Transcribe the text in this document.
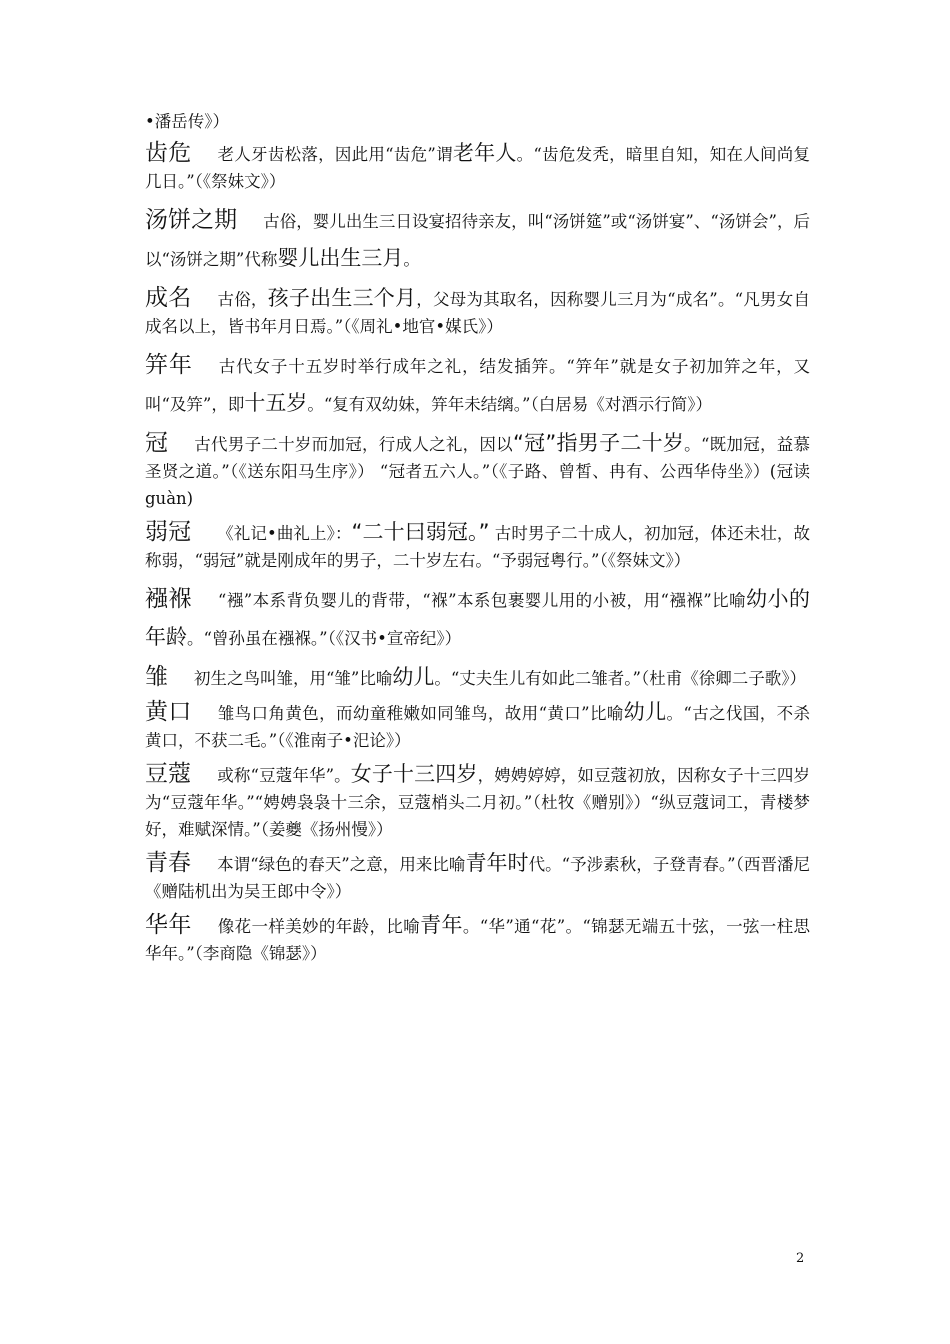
•潘岳传》）
齿危 老人牙齿松落，因此用“齿危”谓老年人。“齿危发秃，暗里自知，知在人间尚复几日。”（《祭妹文》）
汤饼之期 古俗，婴儿出生三日设宴招待亲友，叫“汤饼筵”或“汤饼宴”、“汤饼会”，后以“汤饼之期”代称婴儿出生三月。
成名 古俗，孩子出生三个月，父母为其取名，因称婴儿三月为“成名”。“凡男女自成名以上，皆书年月日焉。”（《周礼•地官•媒氏》）
笄年 古代女子十五岁时举行成年之礼，结发插笄。“笄年”就是女子初加笄之年，又叫“及笄”，即十五岁。“复有双幼妹，笄年未结缡。”（白居易《对酒示行简》）
冠 古代男子二十岁而加冠，行成人之礼，因以“冠”指男子二十岁。“既加冠，益慕圣贤之道。”（《送东阳马生序》） “冠者五六人。”（《子路、曾皙、冉有、公西华侍坐》）(冠读 guàn)
弱冠 《礼记•曲礼上》：“二十曰弱冠。” 古时男子二十成人，初加冠，体还未壮，故称弱，“弱冠”就是刚成年的男子，二十岁左右。“予弱冠粤行。”（《祭妹文》）
襁褓 “襁”本系背负婴儿的背带，“褓”本系包裹婴儿用的小被，用“襁褓”比喻幼小的年龄。“曾孙虽在襁褓。”（《汉书•宣帝纪》）
雏 初生之鸟叫雏，用“雏”比喻幼儿。“丈夫生儿有如此二雏者。”（杜甫《徐卿二子歌》）
黄口 雏鸟口角黄色，而幼童稚嫩如同雏鸟，故用“黄口”比喻幼儿。“古之伐国，不杀黄口，不获二毛。”（《淮南子•汜论》）
豆蔻 或称“豆蔻年华”。女子十三四岁，娉娉婷婷，如豆蔻初放，因称女子十三四岁为“豆蔻年华。”“娉娉袅袅十三余，豆蔻梢头二月初。”（杜牧《赠别》）“纵豆蔻词工，青楼梦好，难赋深情。”（姜夔《扬州慢》）
青春 本谓“绿色的春天”之意，用来比喻青年时代。“予涉素秋，子登青春。”（西晋潘尼《赠陆机出为吴王郎中令》）
华年 像花一样美妙的年龄，比喻青年。“华”通“花”。“锦瑟无端五十弦，一弦一柱思华年。”（李商隐《锦瑟》）
2
